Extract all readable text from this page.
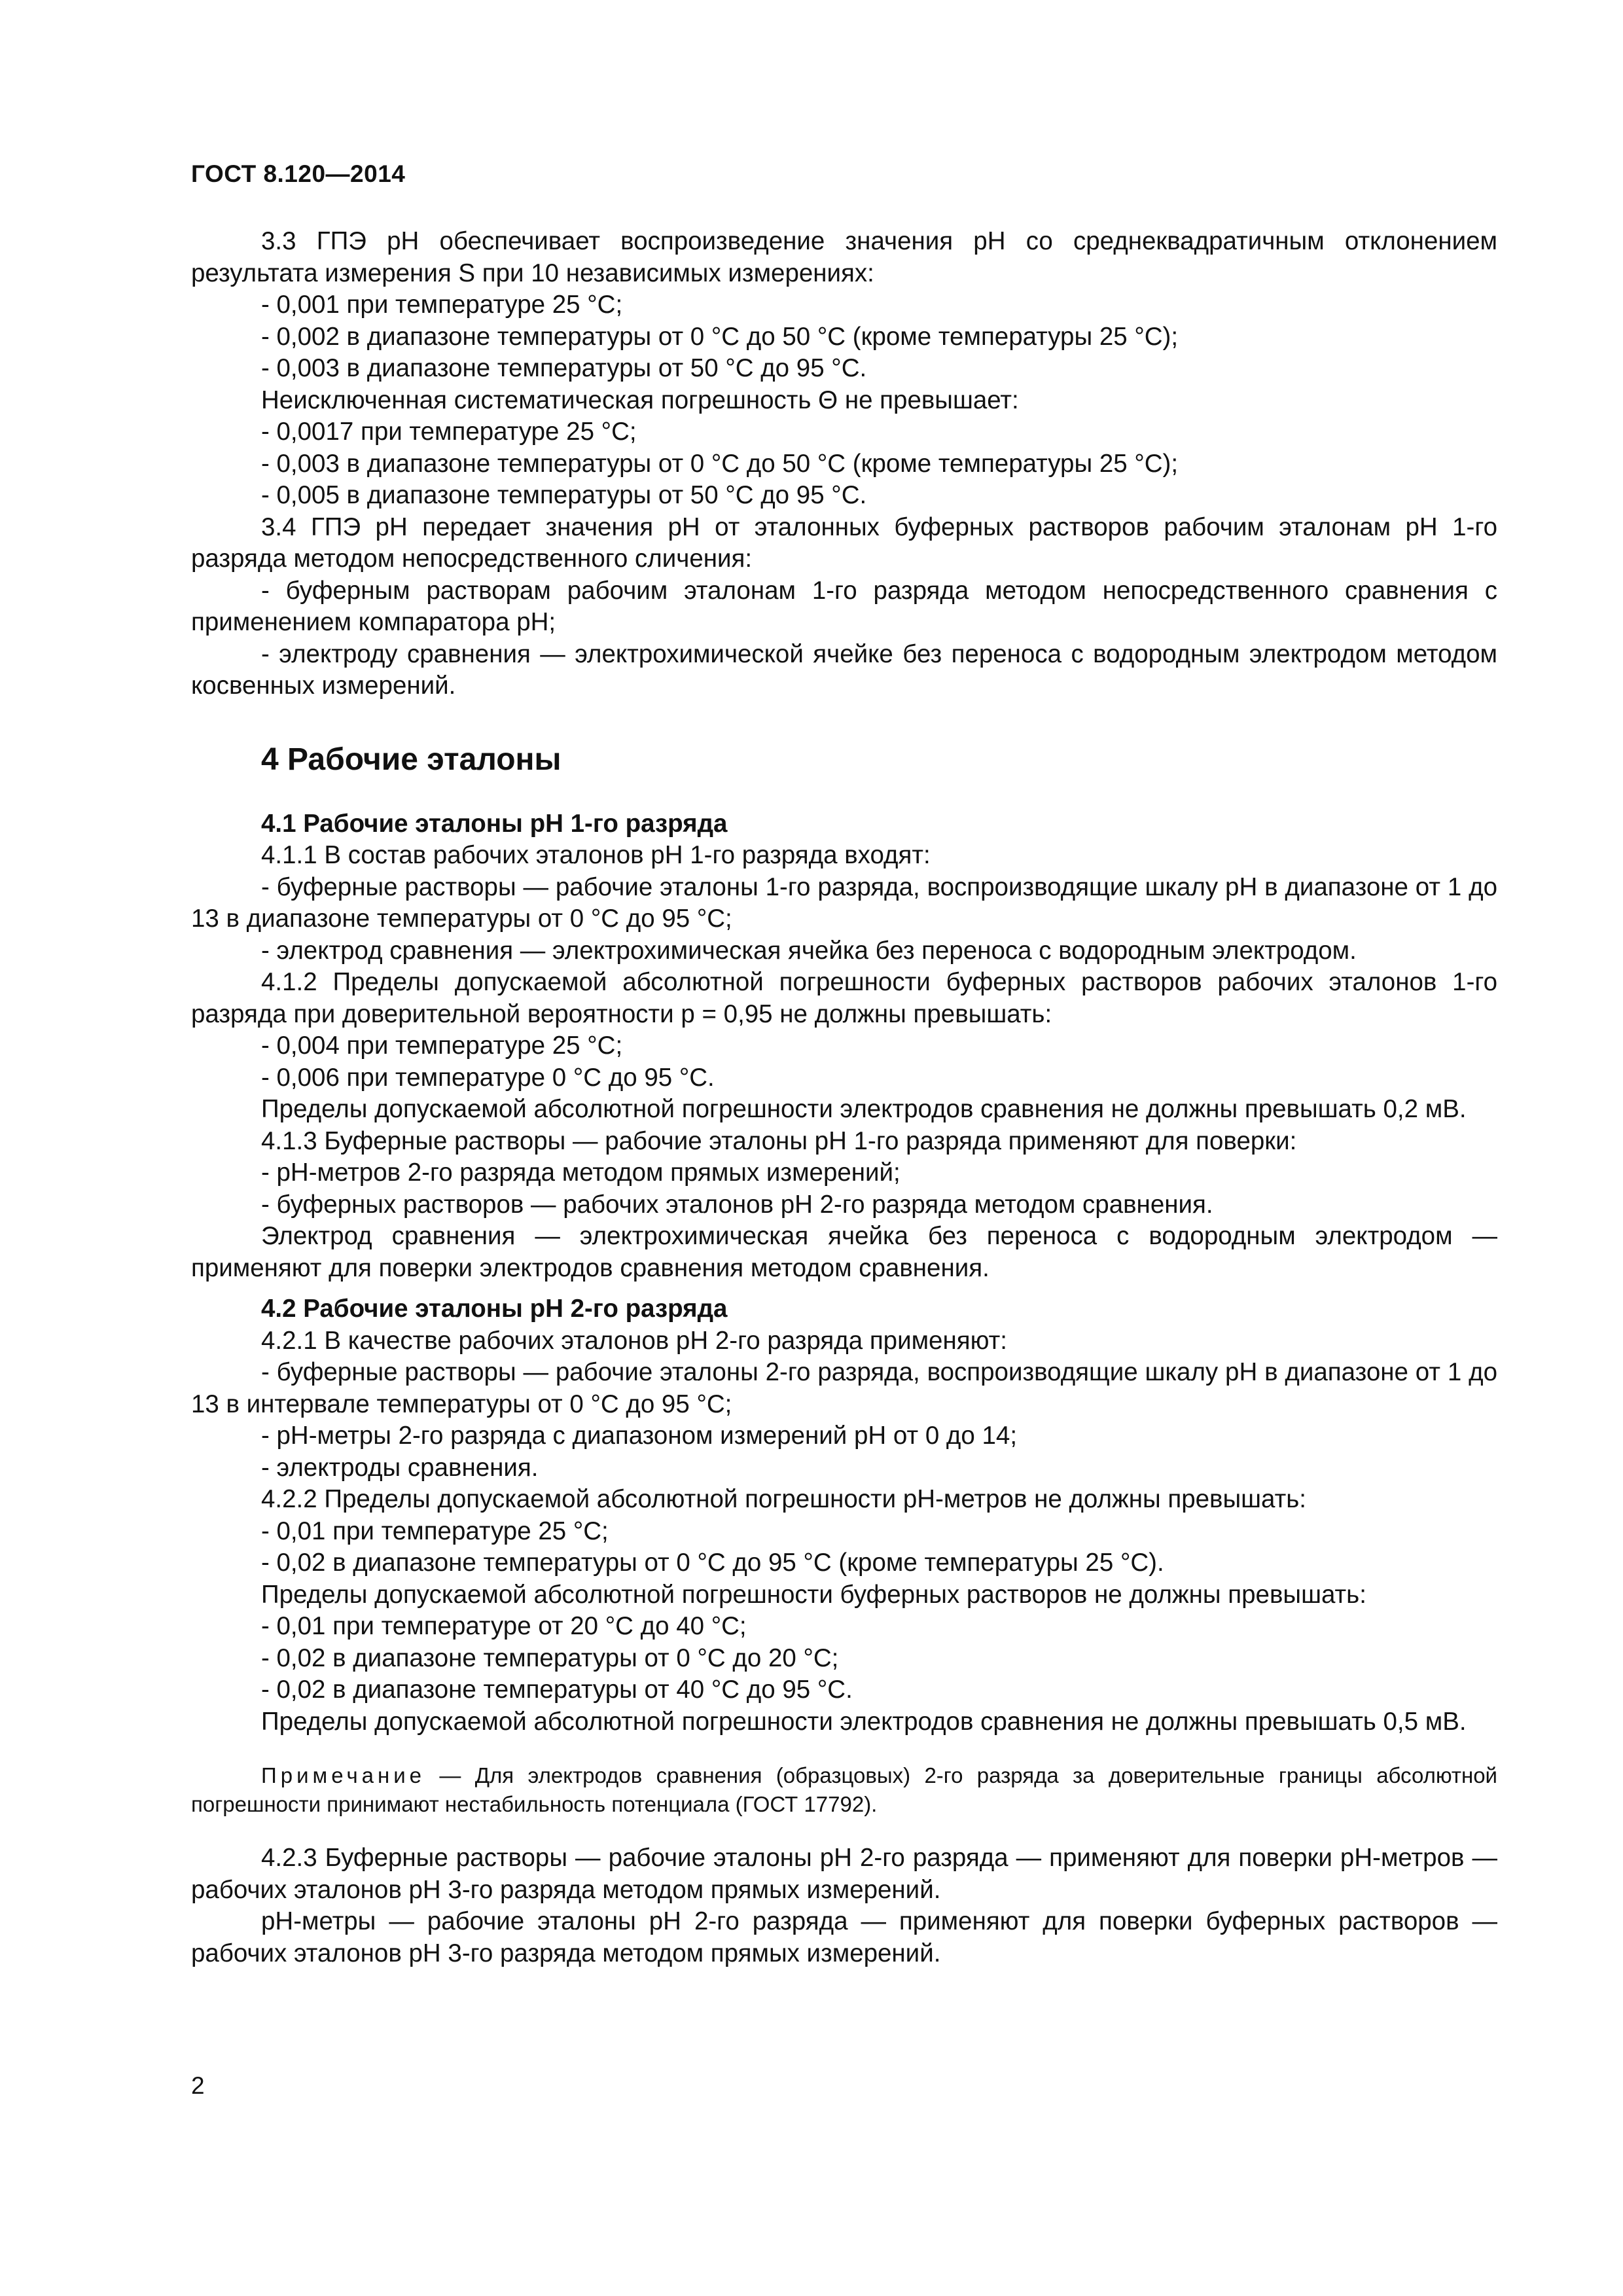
ГОСТ 8.120—2014

3.3 ГПЭ pH обеспечивает воспроизведение значения pH со среднеквадратичным отклонением результата измерения S при 10 независимых измерениях:

- 0,001 при температуре 25 °C;

- 0,002 в диапазоне температуры от 0 °C до 50 °C (кроме температуры 25 °C);

- 0,003 в диапазоне температуры от 50 °C до 95 °C.

Неисключенная систематическая погрешность Θ не превышает:

- 0,0017 при температуре 25 °C;

- 0,003 в диапазоне температуры от 0 °C до 50 °C (кроме температуры 25 °C);

- 0,005 в диапазоне температуры от 50 °C до 95 °C.

3.4 ГПЭ pH передает значения pH от эталонных буферных растворов рабочим эталонам pH 1-го разряда методом непосредственного сличения:

- буферным растворам рабочим эталонам 1-го разряда методом непосредственного сравнения с применением компаратора pH;

- электроду сравнения — электрохимической ячейке без переноса с водородным электродом методом косвенных измерений.

4 Рабочие эталоны
4.1 Рабочие эталоны pH 1-го разряда

4.1.1 В состав рабочих эталонов pH 1-го разряда входят:

- буферные растворы — рабочие эталоны 1-го разряда, воспроизводящие шкалу pH в диапазоне от 1 до 13 в диапазоне температуры от 0 °C до 95 °C;

- электрод сравнения — электрохимическая ячейка без переноса с водородным электродом.

4.1.2 Пределы допускаемой абсолютной погрешности буферных растворов рабочих эталонов 1-го разряда при доверительной вероятности p = 0,95 не должны превышать:

- 0,004 при температуре 25 °C;

- 0,006 при температуре 0 °C до 95 °C.

Пределы допускаемой абсолютной погрешности электродов сравнения не должны превышать 0,2 мВ.

4.1.3 Буферные растворы — рабочие эталоны pH 1-го разряда применяют для поверки:

- pH-метров 2-го разряда методом прямых измерений;

- буферных растворов — рабочих эталонов pH 2-го разряда методом сравнения.

Электрод сравнения — электрохимическая ячейка без переноса с водородным электродом — применяют для поверки электродов сравнения методом сравнения.

4.2 Рабочие эталоны pH 2-го разряда

4.2.1 В качестве рабочих эталонов pH 2-го разряда применяют:

- буферные растворы — рабочие эталоны 2-го разряда, воспроизводящие шкалу pH в диапазоне от 1 до 13 в интервале температуры от 0 °C до 95 °C;

- pH-метры 2-го разряда с диапазоном измерений pH от 0 до 14;

- электроды сравнения.

4.2.2 Пределы допускаемой абсолютной погрешности pH-метров не должны превышать:

- 0,01 при температуре 25 °C;

- 0,02 в диапазоне температуры от 0 °C до 95 °C (кроме температуры 25 °C).

Пределы допускаемой абсолютной погрешности буферных растворов не должны превышать:

- 0,01 при температуре от 20 °C до 40 °C;

- 0,02 в диапазоне температуры от 0 °C до 20 °C;

- 0,02 в диапазоне температуры от 40 °C до 95 °C.

Пределы допускаемой абсолютной погрешности электродов сравнения не должны превышать 0,5 мВ.

Примечание — Для электродов сравнения (образцовых) 2-го разряда за доверительные границы абсолютной погрешности принимают нестабильность потенциала (ГОСТ 17792).

4.2.3 Буферные растворы — рабочие эталоны pH 2-го разряда — применяют для поверки pH-метров — рабочих эталонов pH 3-го разряда методом прямых измерений.

pH-метры — рабочие эталоны pH 2-го разряда — применяют для поверки буферных растворов — рабочих эталонов pH 3-го разряда методом прямых измерений.

2
